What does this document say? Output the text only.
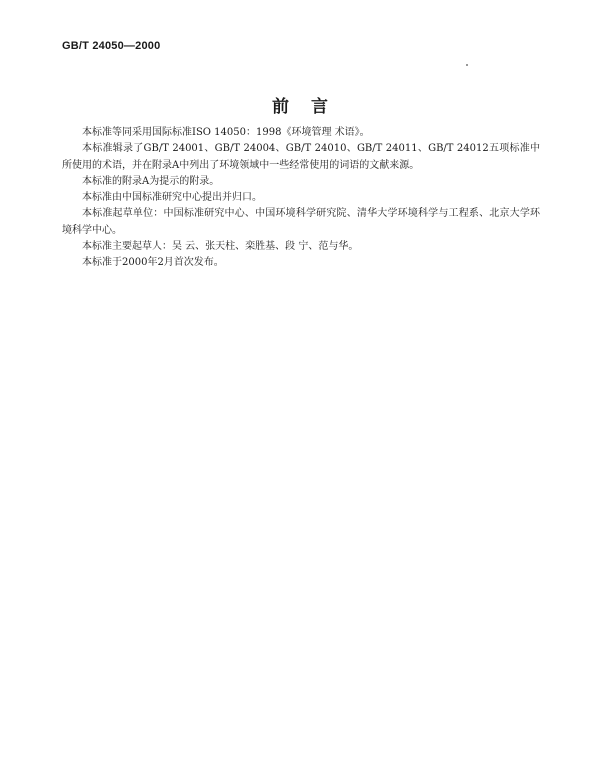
GB/T 24050—2000
前言

本标准等同采用国际标准ISO 14050：1998《环境管理 术语》。

本标准辑录了GB/T 24001、GB/T 24004、GB/T 24010、GB/T 24011、GB/T 24012五项标准中所使用的术语，并在附录A中列出了环境领域中一些经常使用的词语的文献来源。

本标准的附录A为提示的附录。

本标准由中国标准研究中心提出并归口。

本标准起草单位：中国标准研究中心、中国环境科学研究院、清华大学环境科学与工程系、北京大学环境科学中心。

本标准主要起草人：吴 云、张天柱、栾胜基、段 宁、范与华。

本标准于2000年2月首次发布。
